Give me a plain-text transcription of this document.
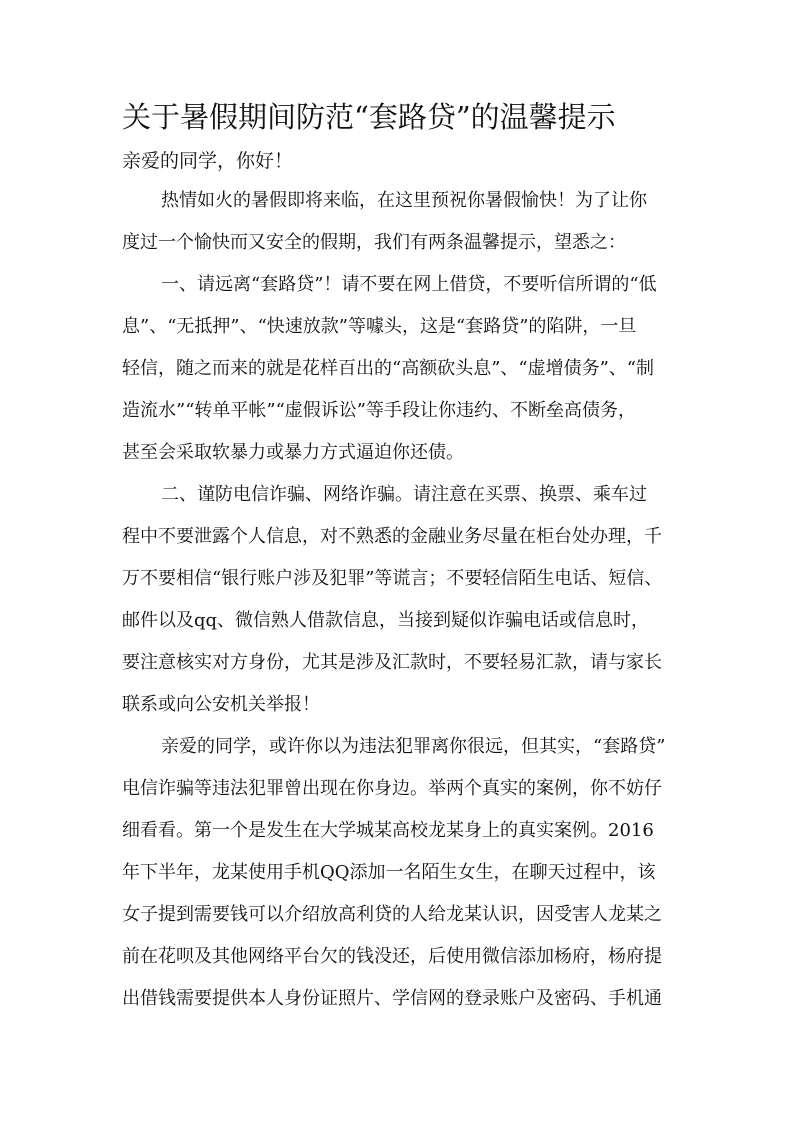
关于暑假期间防范“套路贷”的温馨提示
亲爱的同学，你好！
热情如火的暑假即将来临，在这里预祝你暑假愉快！为了让你
度过一个愉快而又安全的假期，我们有两条温馨提示，望悉之：
一、请远离“套路贷”！请不要在网上借贷，不要听信所谓的“低
息”、“无抵押”、“快速放款”等噱头，这是“套路贷”的陷阱，一旦
轻信，随之而来的就是花样百出的“高额砍头息”、“虚增债务”、“制
造流水”“转单平帐”“虚假诉讼”等手段让你违约、不断垒高债务，
甚至会采取软暴力或暴力方式逼迫你还债。
二、谨防电信诈骗、网络诈骗。请注意在买票、换票、乘车过
程中不要泄露个人信息，对不熟悉的金融业务尽量在柜台处办理，千
万不要相信“银行账户涉及犯罪”等谎言；不要轻信陌生电话、短信、
邮件以及qq、微信熟人借款信息，当接到疑似诈骗电话或信息时，
要注意核实对方身份，尤其是涉及汇款时，不要轻易汇款，请与家长
联系或向公安机关举报！
亲爱的同学，或许你以为违法犯罪离你很远，但其实，“套路贷”
电信诈骗等违法犯罪曾出现在你身边。举两个真实的案例，你不妨仔
细看看。第一个是发生在大学城某高校龙某身上的真实案例。2016
年下半年，龙某使用手机QQ添加一名陌生女生，在聊天过程中，该
女子提到需要钱可以介绍放高利贷的人给龙某认识，因受害人龙某之
前在花呗及其他网络平台欠的钱没还，后使用微信添加杨府，杨府提
出借钱需要提供本人身份证照片、学信网的登录账户及密码、手机通
